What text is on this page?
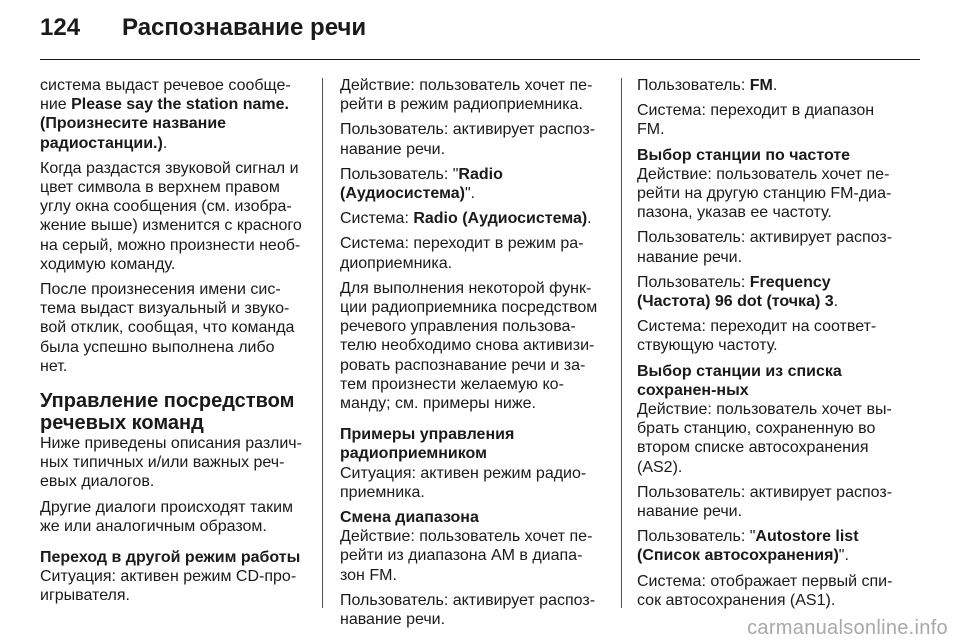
124	Распознавание речи

система выдаст речевое сообще-ние Please say the station name. (Произнесите название радиостанции.).

Когда раздастся звуковой сигнал и цвет символа в верхнем правом углу окна сообщения (см. изобра-жение выше) изменится с красного на серый, можно произнести необ-ходимую команду.

После произнесения имени сис-тема выдаст визуальный и звуко-вой отклик, сообщая, что команда была успешно выполнена либо нет.

Управление посредством речевых команд

Ниже приведены описания различ-ных типичных и/или важных реч-евых диалогов.

Другие диалоги происходят таким же или аналогичным образом.

Переход в другой режим работы

Ситуация: активен режим CD-про-игрывателя.

Действие: пользователь хочет пе-рейти в режим радиоприемника.

Пользователь: активирует распоз-навание речи.

Пользователь: "Radio (Аудиосистема)".

Система: Radio (Аудиосистема).

Система: переходит в режим ра-диоприемника.

Для выполнения некоторой функ-ции радиоприемника посредством речевого управления пользова-телю необходимо снова активизи-ровать распознавание речи и за-тем произнести желаемую ко-манду; см. примеры ниже.

Примеры управления радиоприемником

Ситуация: активен режим радио-приемника.

Смена диапазона

Действие: пользователь хочет пе-рейти из диапазона AM в диапа-зон FM.

Пользователь: активирует распоз-навание речи.

Пользователь: FM.

Система: переходит в диапазон FM.

Выбор станции по частоте

Действие: пользователь хочет пе-рейти на другую станцию FM-диа-пазона, указав ее частоту.

Пользователь: активирует распоз-навание речи.

Пользователь: Frequency (Частота) 96 dot (точка) 3.

Система: переходит на соответ-ствующую частоту.

Выбор станции из списка сохранен-ных

Действие: пользователь хочет вы-брать станцию, сохраненную во втором списке автосохранения (AS2).

Пользователь: активирует распоз-навание речи.

Пользователь: "Autostore list (Список автосохранения)".

Система: отображает первый спи-сок автосохранения (AS1).

carmanualsonline.info
